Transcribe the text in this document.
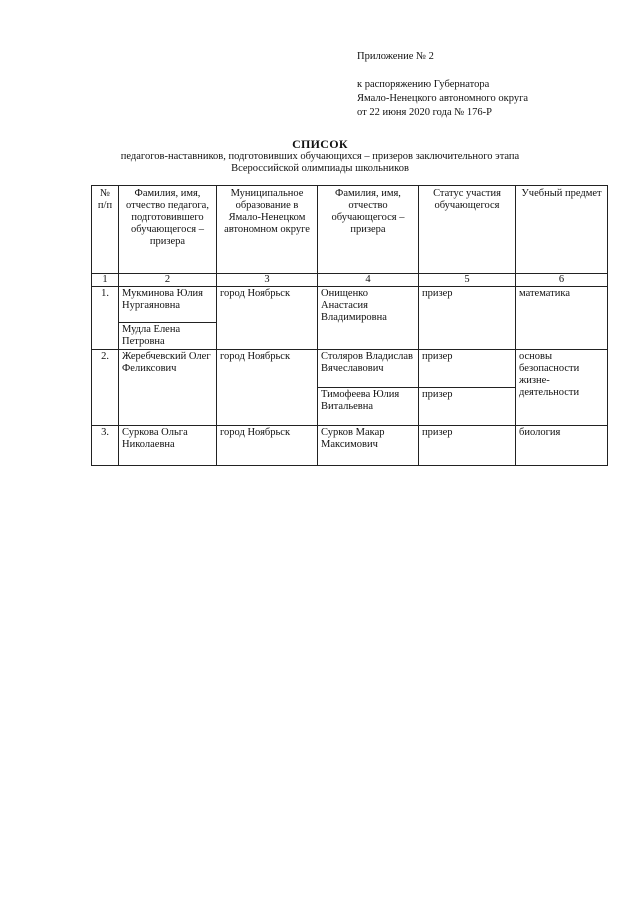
Приложение № 2
к распоряжению Губернатора
Ямало-Ненецкого автономного округа
от 22 июня 2020 года № 176-Р
СПИСОК
педагогов-наставников, подготовивших обучающихся – призеров заключительного этапа
Всероссийской олимпиады школьников
№ п/п	Фамилия, имя, отчество педагога, подготовившего обучающегося – призера	Муниципальное образование в Ямало-Ненецком автономном округе	Фамилия, имя, отчество обучающегося – призера	Статус участия обучающегося	Учебный предмет
1	2	3	4	5	6
1.	Мукминова Юлия Нургаяновна	город Ноябрьск	Онищенко Анастасия Владимировна	призер	математика
	Мудла Елена Петровна				
2.	Жеребчевский Олег Феликсович	город Ноябрьск	Столяров Владислав Вячеславович	призер	основы безопасности жизне-деятельности
			Тимофеева Юлия Витальевна	призер	
3.	Суркова Ольга Николаевна	город Ноябрьск	Сурков Макар Максимович	призер	биология
